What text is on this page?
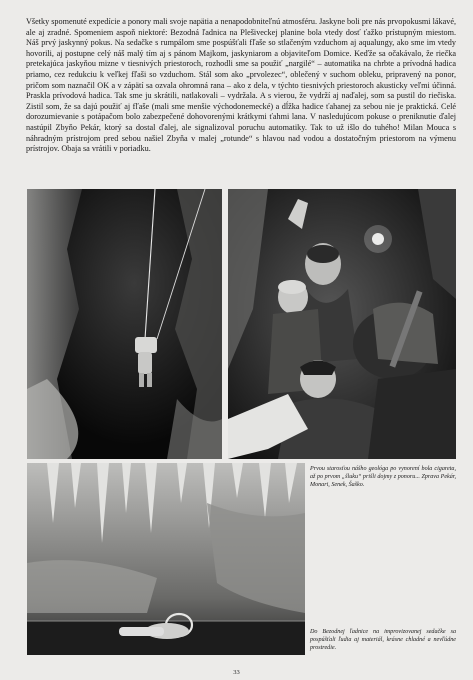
Všetky spomenuté expedície a ponory mali svoje napätia a nenapodobniteľnú atmosféru. Jaskyne boli pre nás prvopokusmi lákavé, ale aj zradné. Spomeniem aspoň niektoré: Bezodná ľadnica na Plešiveckej planine bola vtedy dosť ťažko prístupným miestom. Náš prvý jaskynný pokus. Na sedačke s rumpálom sme pospúšťali fľaše so stlačeným vzduchom aj aqualungy, ako sme im vtedy hovorili, aj postupne celý náš malý tím aj s pánom Majkom, jaskyniarom a objaviteľom Domice. Keďže sa očakávalo, že riečka pretekajúca jaskyňou mizne v tiesnivých priestoroch, rozhodli sme sa použiť „nargilé“ – automatika na chrbte a prívodná hadica priamo, cez redukciu k veľkej fľaši so vzduchom. Stál som ako „prvolezec“, oblečený v suchom obleku, pripravený na ponor, pričom som naznačil OK a v zápätí sa ozvala ohromná rana – ako z dela, v týchto tiesnivých priestoroch akusticky veľmi účinná. Praskla prívodová hadica. Tak sme ju skrátili, natlakovali – vydržala. A s vierou, že vydrží aj naďalej, som sa pustil do riečiska. Zistil som, že sa dajú použiť aj fľaše (mali sme menšie východonemecké) a dĺžka hadice ťahanej za sebou nie je praktická. Celé dorozumievanie s potápačom bolo zabezpečené dohovorenými krátkymi ťahmi lana. V nasledujúcom pokuse o preniknutie ďalej nastúpil Zbyňo Pekár, ktorý sa dostal ďalej, ale signalizoval poruchu automatiky. Tak to už išlo do tuhého! Milan Mouca s náhradným prístrojom pred sebou našiel Zbyňa v malej „rotunde“ s hlavou nad vodou a dostatočným priestorom na výmenu prístrojov. Obaja sa vrátili v poriadku.

Prvou starosťou nášho geológa po vynorení bola cigareta, až po prvom „šluku“ prišli dojmy z ponoru... Zprava Pekár, Monari, Senek, Šaško.

Do Bezodnej ľadnice na improvizovanej sedačke sa pospúšťali ľudia aj materiál, krásne chladné a nevľúdne prostredie.

33
